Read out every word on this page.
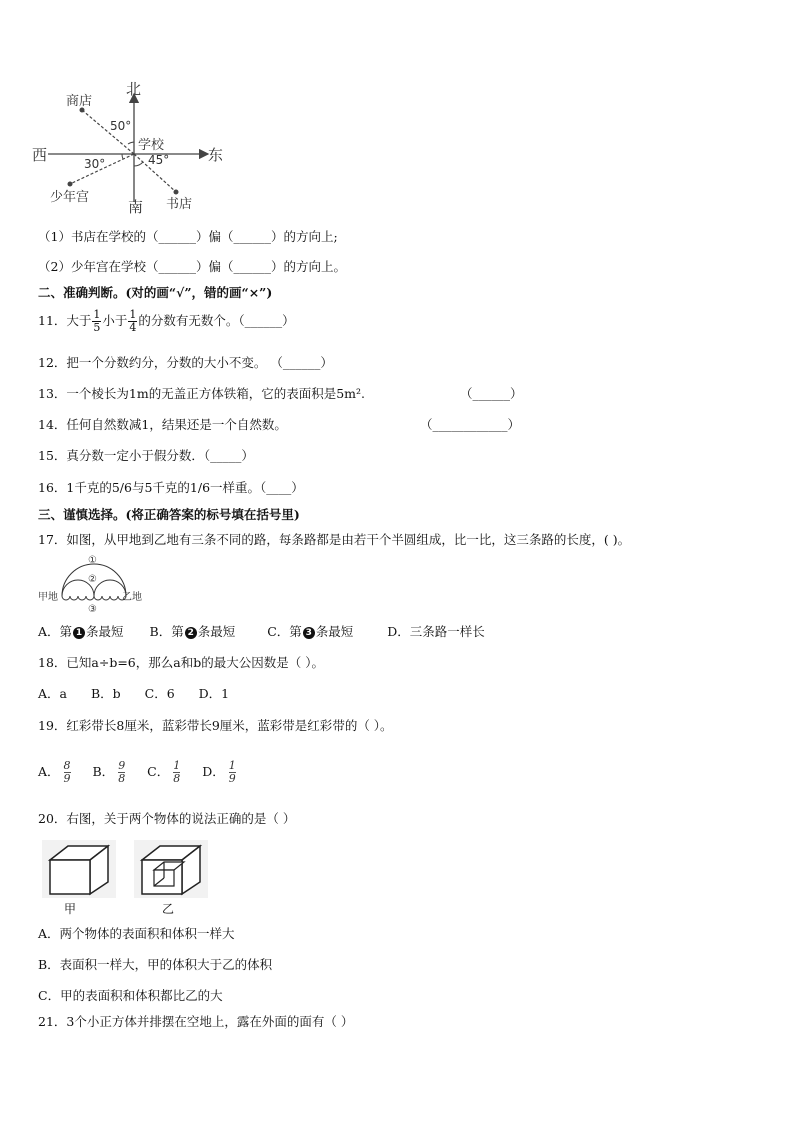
北
南
西	东
学校
商店
少年宫	书店
50°
30°	45°
（1）书店在学校的（______）偏（______）的方向上;
（2）少年宫在学校（______）偏（______）的方向上。
二、准确判断。(对的画“√”，错的画“×”)
11．大于 $\frac{1}{5}$ 小于 $\frac{1}{4}$ 的分数有无数个。（______）
12．把一个分数约分，分数的大小不变。 （______）
13．一个棱长为1m的无盖正方体铁箱，它的表面积是5m².	（______）
14．任何自然数减1，结果还是一个自然数。	（____________）
15．真分数一定小于假分数．（_____）
16．1千克的5/6与5千克的1/6一样重。（____）
三、谨慎选择。(将正确答案的标号填在括号里)
17．如图，从甲地到乙地有三条不同的路，每条路都是由若干个半圆组成，比一比，这三条路的长度，( )。
①
②
③
甲地	乙地
A．第 1 条最短 B．第 2 条最短	C．第 3 条最短	D．三条路一样长
18．已知a÷b=6，那么a和b的最大公因数是（ ）。
A．a B．b C．6 D．1
19．红彩带长8厘米，蓝彩带长9厘米，蓝彩带是红彩带的（ ）。
A． $\frac{8}{9}$ B． $\frac{9}{8}$ C． $\frac{1}{8}$ D． $\frac{1}{9}$
20．右图，关于两个物体的说法正确的是（ ）
甲	乙
A．两个物体的表面积和体积一样大
B．表面积一样大，甲的体积大于乙的体积
C．甲的表面积和体积都比乙的大
21．3个小正方体并排摆在空地上，露在外面的面有（ ）
